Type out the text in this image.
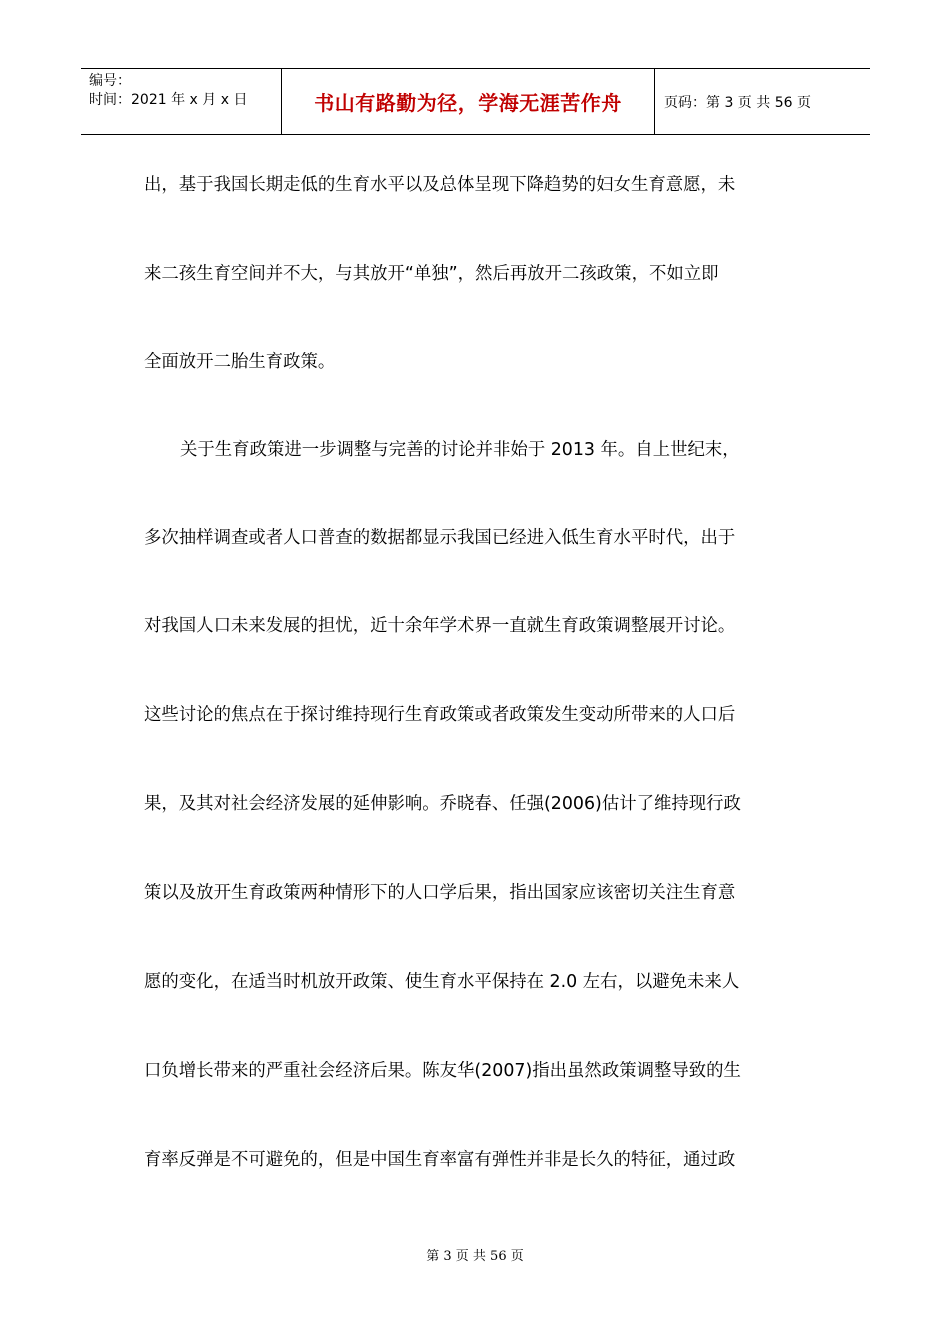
编号：
时间：2021 年 x 月 x 日	书山有路勤为径，学海无涯苦作舟	页码：第 3 页 共 56 页
出，基于我国长期走低的生育水平以及总体呈现下降趋势的妇女生育意愿，未
来二孩生育空间并不大，与其放开“单独”，然后再放开二孩政策，不如立即
全面放开二胎生育政策。
关于生育政策进一步调整与完善的讨论并非始于 2013 年。自上世纪末，
多次抽样调查或者人口普查的数据都显示我国已经进入低生育水平时代，出于
对我国人口未来发展的担忧，近十余年学术界一直就生育政策调整展开讨论。
这些讨论的焦点在于探讨维持现行生育政策或者政策发生变动所带来的人口后
果，及其对社会经济发展的延伸影响。乔晓春、任强(2006)估计了维持现行政
策以及放开生育政策两种情形下的人口学后果，指出国家应该密切关注生育意
愿的变化，在适当时机放开政策、使生育水平保持在 2.0 左右，以避免未来人
口负增长带来的严重社会经济后果。陈友华(2007)指出虽然政策调整导致的生
育率反弹是不可避免的，但是中国生育率富有弹性并非是长久的特征，通过政
第 3 页 共 56 页
